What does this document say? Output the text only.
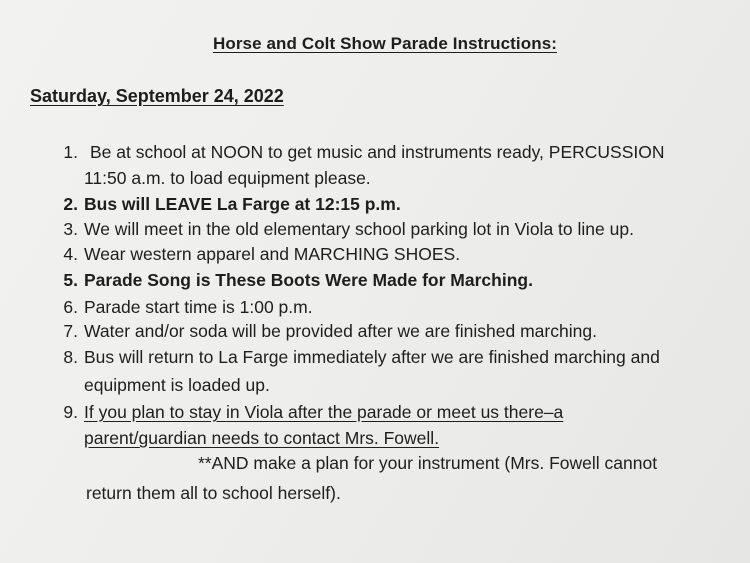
Horse and Colt Show Parade Instructions:
Saturday, September 24, 2022
1. Be at school at NOON to get music and instruments ready, PERCUSSION
11:50 a.m. to load equipment please.
2. Bus will LEAVE La Farge at 12:15 p.m.
3. We will meet in the old elementary school parking lot in Viola to line up.
4. Wear western apparel and MARCHING SHOES.
5. Parade Song is These Boots Were Made for Marching.
6. Parade start time is 1:00 p.m.
7. Water and/or soda will be provided after we are finished marching.
8. Bus will return to La Farge immediately after we are finished marching and
equipment is loaded up.
9. If you plan to stay in Viola after the parade or meet us there–a
parent/guardian needs to contact Mrs. Fowell.
**AND make a plan for your instrument (Mrs. Fowell cannot
return them all to school herself).
